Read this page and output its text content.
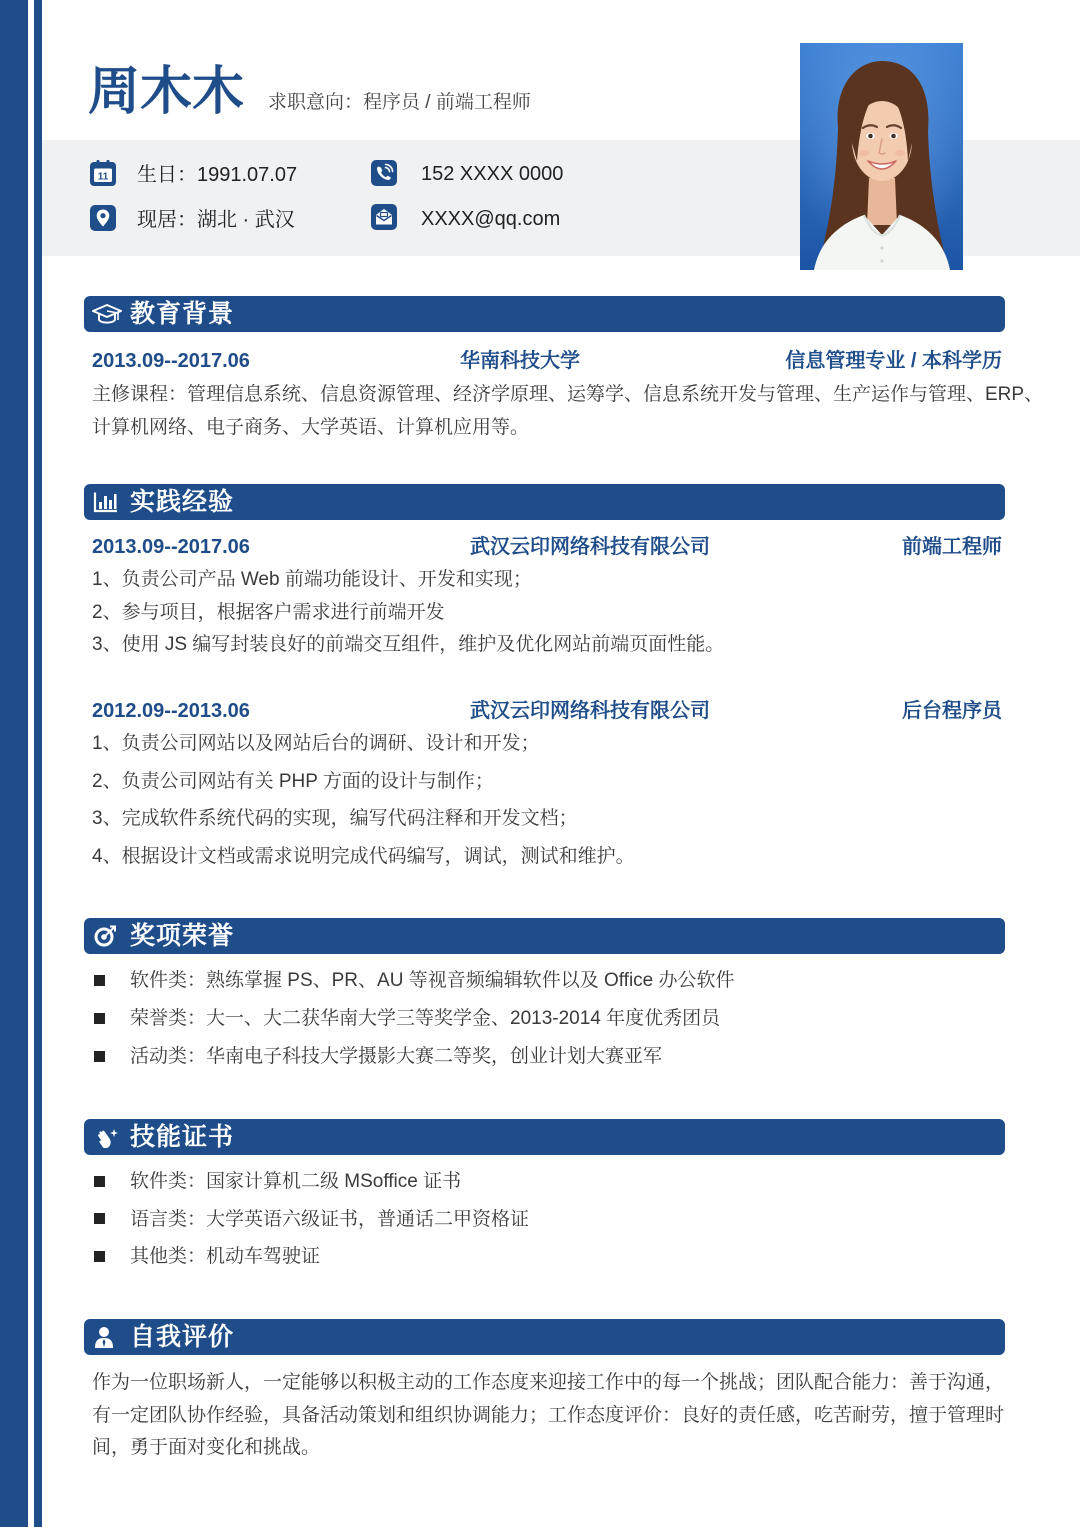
周木木 求职意向：程序员 / 前端工程师
11 生日：1991.07.07	152 XXXX 0000
现居：湖北 · 武汉	XXXX@qq.com
教育背景
2013.09--2017.06	华南科技大学	信息管理专业 / 本科学历
主修课程：管理信息系统、信息资源管理、经济学原理、运筹学、信息系统开发与管理、生产运作与管理、ERP、
计算机网络、电子商务、大学英语、计算机应用等。
实践经验
2013.09--2017.06	武汉云印网络科技有限公司	前端工程师
1、负责公司产品 Web 前端功能设计、开发和实现；
2、参与项目，根据客户需求进行前端开发
3、使用 JS 编写封装良好的前端交互组件，维护及优化网站前端页面性能。
2012.09--2013.06	武汉云印网络科技有限公司	后台程序员
1、负责公司网站以及网站后台的调研、设计和开发；
2、负责公司网站有关 PHP 方面的设计与制作；
3、完成软件系统代码的实现，编写代码注释和开发文档；
4、根据设计文档或需求说明完成代码编写，调试，测试和维护。
奖项荣誉
软件类：熟练掌握 PS、PR、AU 等视音频编辑软件以及 Office 办公软件
荣誉类：大一、大二获华南大学三等奖学金、2013-2014 年度优秀团员
活动类：华南电子科技大学摄影大赛二等奖，创业计划大赛亚军
技能证书
软件类：国家计算机二级 MSoffice 证书
语言类：大学英语六级证书，普通话二甲资格证
其他类：机动车驾驶证
自我评价
作为一位职场新人，一定能够以积极主动的工作态度来迎接工作中的每一个挑战；团队配合能力：善于沟通，
有一定团队协作经验，具备活动策划和组织协调能力；工作态度评价：良好的责任感，吃苦耐劳，擅于管理时
间，勇于面对变化和挑战。
